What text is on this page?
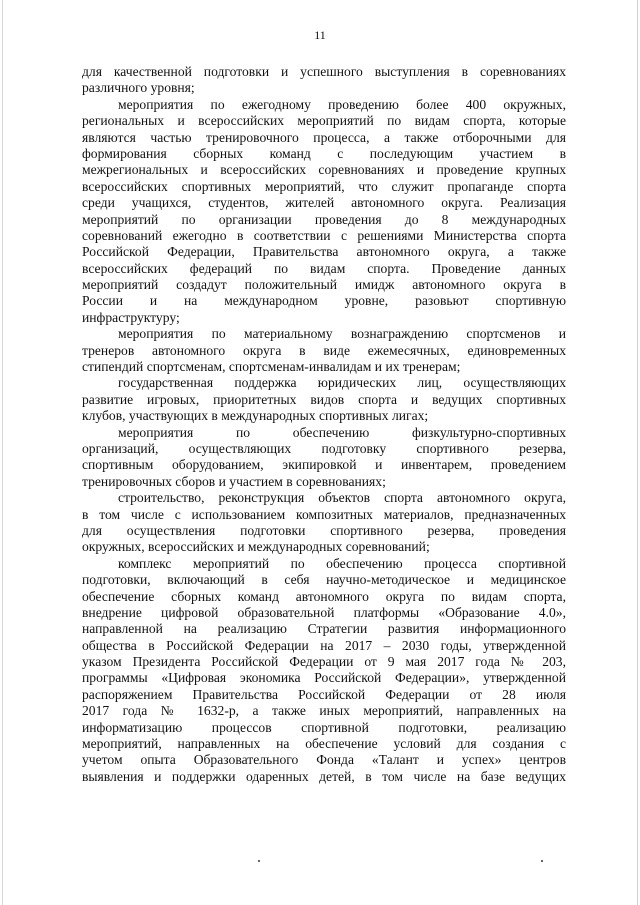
11
для качественной подготовки и успешного выступления в соревнованиях
различного уровня;
мероприятия по ежегодному проведению более 400 окружных,
региональных и всероссийских мероприятий по видам спорта, которые
являются частью тренировочного процесса, а также отборочными для
формирования сборных команд с последующим участием в
межрегиональных и всероссийских соревнованиях и проведение крупных
всероссийских спортивных мероприятий, что служит пропаганде спорта
среди учащихся, студентов, жителей автономного округа. Реализация
мероприятий по организации проведения до 8 международных
соревнований ежегодно в соответствии с решениями Министерства спорта
Российской Федерации, Правительства автономного округа, а также
всероссийских федераций по видам спорта. Проведение данных
мероприятий создадут положительный имидж автономного округа в
России и на международном уровне, разовьют спортивную
инфраструктуру;
мероприятия по материальному вознаграждению спортсменов и
тренеров автономного округа в виде ежемесячных, единовременных
стипендий спортсменам, спортсменам-инвалидам и их тренерам;
государственная поддержка юридических лиц, осуществляющих
развитие игровых, приоритетных видов спорта и ведущих спортивных
клубов, участвующих в международных спортивных лигах;
мероприятия по обеспечению физкультурно-спортивных
организаций, осуществляющих подготовку спортивного резерва,
спортивным оборудованием, экипировкой и инвентарем, проведением
тренировочных сборов и участием в соревнованиях;
строительство, реконструкция объектов спорта автономного округа,
в том числе с использованием композитных материалов, предназначенных
для осуществления подготовки спортивного резерва, проведения
окружных, всероссийских и международных соревнований;
комплекс мероприятий по обеспечению процесса спортивной
подготовки, включающий в себя научно-методическое и медицинское
обеспечение сборных команд автономного округа по видам спорта,
внедрение цифровой образовательной платформы «Образование 4.0»,
направленной на реализацию Стратегии развития информационного
общества в Российской Федерации на 2017 – 2030 годы, утвержденной
указом Президента Российской Федерации от 9 мая 2017 года № 203,
программы «Цифровая экономика Российской Федерации», утвержденной
распоряжением Правительства Российской Федерации от 28 июля
2017 года № 1632-р, а также иных мероприятий, направленных на
информатизацию процессов спортивной подготовки, реализацию
мероприятий, направленных на обеспечение условий для создания с
учетом опыта Образовательного Фонда «Талант и успех» центров
выявления и поддержки одаренных детей, в том числе на базе ведущих
